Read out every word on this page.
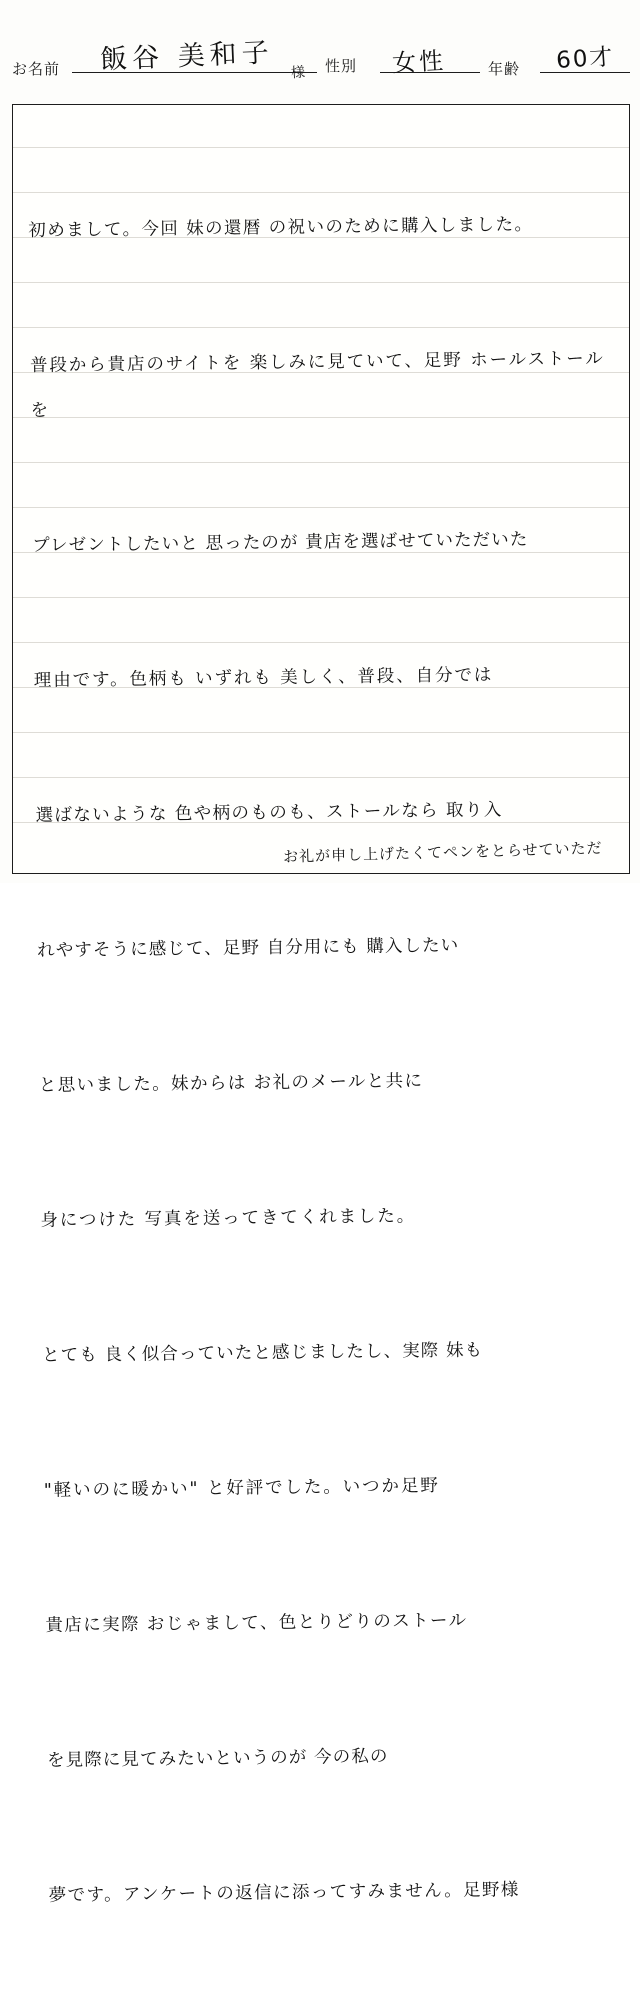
お名前 飯谷 美和子 様 性別 女性	年齢 60才

初めまして。今回 妹の還暦 の祝いのために購入しました。

普段から貴店のサイトを 楽しみに見ていて、足野 ホールストールを

プレゼントしたいと 思ったのが 貴店を選ばせていただいた

理由です。色柄も いずれも 美しく、普段、自分では

選ばないような 色や柄のものも、ストールなら 取り入

れやすそうに感じて、足野 自分用にも 購入したい

と思いました。妹からは お礼のメールと共に

身につけた 写真を送ってきてくれました。

とても 良く似合っていたと感じましたし、実際 妹も

"軽いのに暖かい" と好評でした。いつか足野

貴店に実際 おじゃまして、色とりどりのストール

を見際に見てみたいというのが 今の私の

夢です。アンケートの返信に添ってすみません。足野様

お礼が申し上げたくてペンをとらせていただ
